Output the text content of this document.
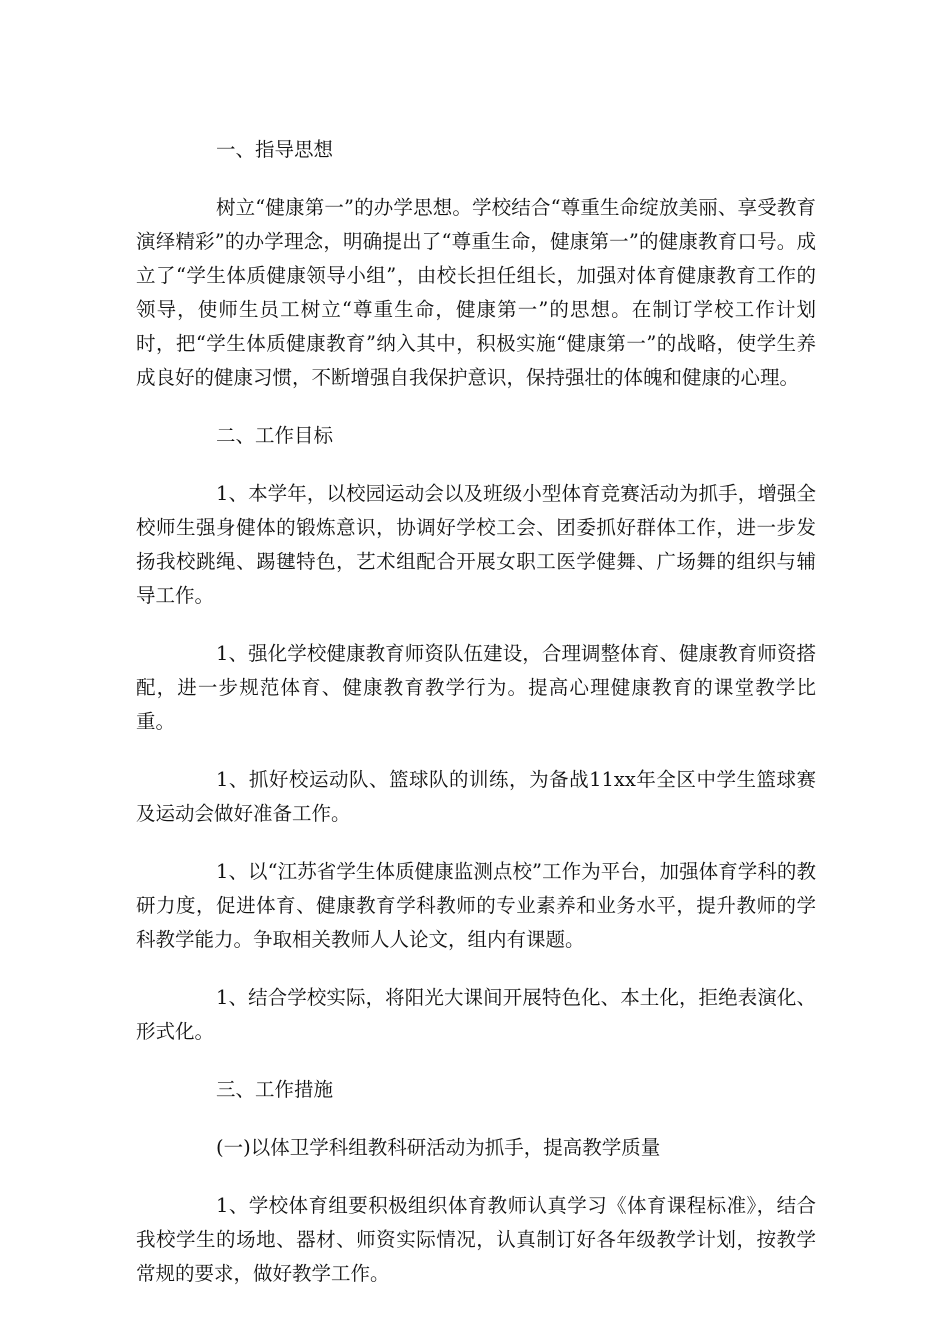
一、指导思想

树立“健康第一”的办学思想。学校结合“尊重生命绽放美丽、享受教育演绎精彩”的办学理念，明确提出了“尊重生命，健康第一”的健康教育口号。成立了“学生体质健康领导小组”，由校长担任组长，加强对体育健康教育工作的领导，使师生员工树立“尊重生命，健康第一”的思想。在制订学校工作计划时，把“学生体质健康教育”纳入其中，积极实施“健康第一”的战略，使学生养成良好的健康习惯，不断增强自我保护意识，保持强壮的体魄和健康的心理。

二、工作目标

1、本学年，以校园运动会以及班级小型体育竞赛活动为抓手，增强全校师生强身健体的锻炼意识，协调好学校工会、团委抓好群体工作，进一步发扬我校跳绳、踢毽特色，艺术组配合开展女职工医学健舞、广场舞的组织与辅导工作。

1、强化学校健康教育师资队伍建设，合理调整体育、健康教育师资搭配，进一步规范体育、健康教育教学行为。提高心理健康教育的课堂教学比重。

1、抓好校运动队、篮球队的训练，为备战11xx年全区中学生篮球赛及运动会做好准备工作。

1、以“江苏省学生体质健康监测点校”工作为平台，加强体育学科的教研力度，促进体育、健康教育学科教师的专业素养和业务水平，提升教师的学科教学能力。争取相关教师人人论文，组内有课题。

1、结合学校实际，将阳光大课间开展特色化、本土化，拒绝表演化、形式化。

三、工作措施
(一)以体卫学科组教科研活动为抓手，提高教学质量

1、学校体育组要积极组织体育教师认真学习《体育课程标准》，结合我校学生的场地、器材、师资实际情况，认真制订好各年级教学计划，按教学常规的要求，做好教学工作。
